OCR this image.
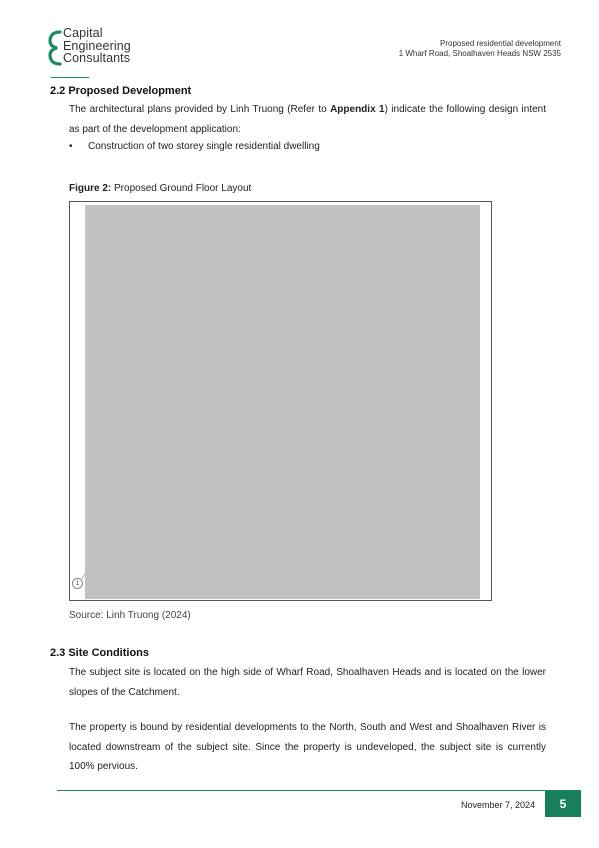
Capital
Engineering
Consultants
Proposed residential development
1 Wharf Road, Shoalhaven Heads NSW 2535
2.2 Proposed Development
The architectural plans provided by Linh Truong (Refer to Appendix 1) indicate the following design intent as part of the development application:
• Construction of two storey single residential dwelling
Figure 2: Proposed Ground Floor Layout
1
╱
Source: Linh Truong (2024)
2.3 Site Conditions
The subject site is located on the high side of Wharf Road, Shoalhaven Heads and is located on the lower slopes of the Catchment.
The property is bound by residential developments to the North, South and West and Shoalhaven River is located downstream of the subject site. Since the property is undeveloped, the subject site is currently 100% pervious.
November 7, 2024	5
